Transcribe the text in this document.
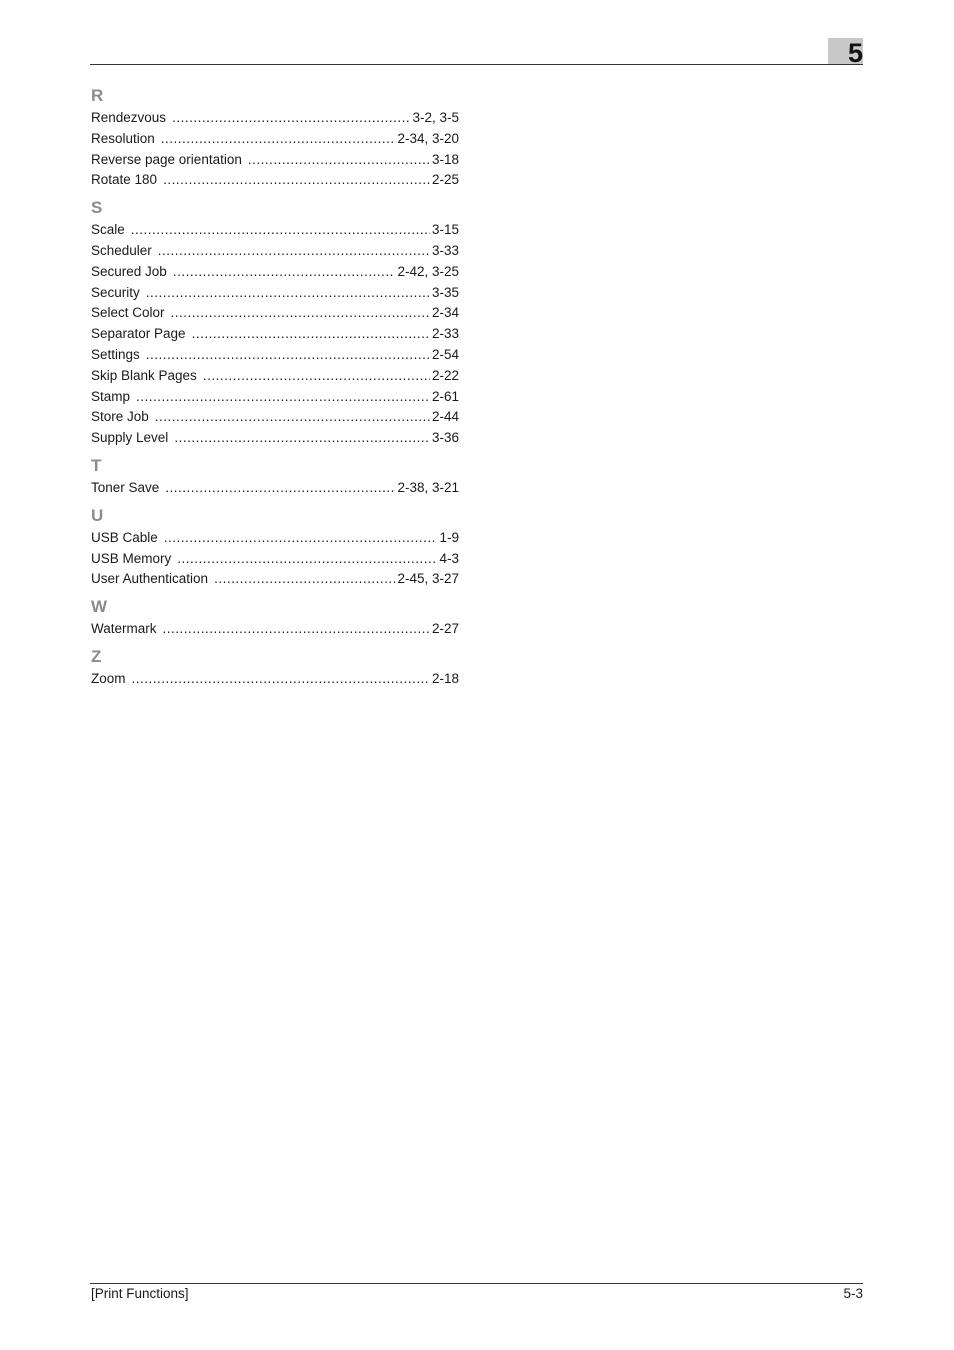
5
R
Rendezvous .....	3-2, 3-5
Resolution .....	2-34, 3-20
Reverse page orientation .....	3-18
Rotate 180 .....	2-25
S
Scale .....	3-15
Scheduler .....	3-33
Secured Job .....	2-42, 3-25
Security .....	3-35
Select Color .....	2-34
Separator Page .....	2-33
Settings .....	2-54
Skip Blank Pages .....	2-22
Stamp .....	2-61
Store Job .....	2-44
Supply Level .....	3-36
T
Toner Save .....	2-38, 3-21
U
USB Cable .....	1-9
USB Memory .....	4-3
User Authentication .....	2-45, 3-27
W
Watermark .....	2-27
Z
Zoom .....	2-18
[Print Functions]	5-3
